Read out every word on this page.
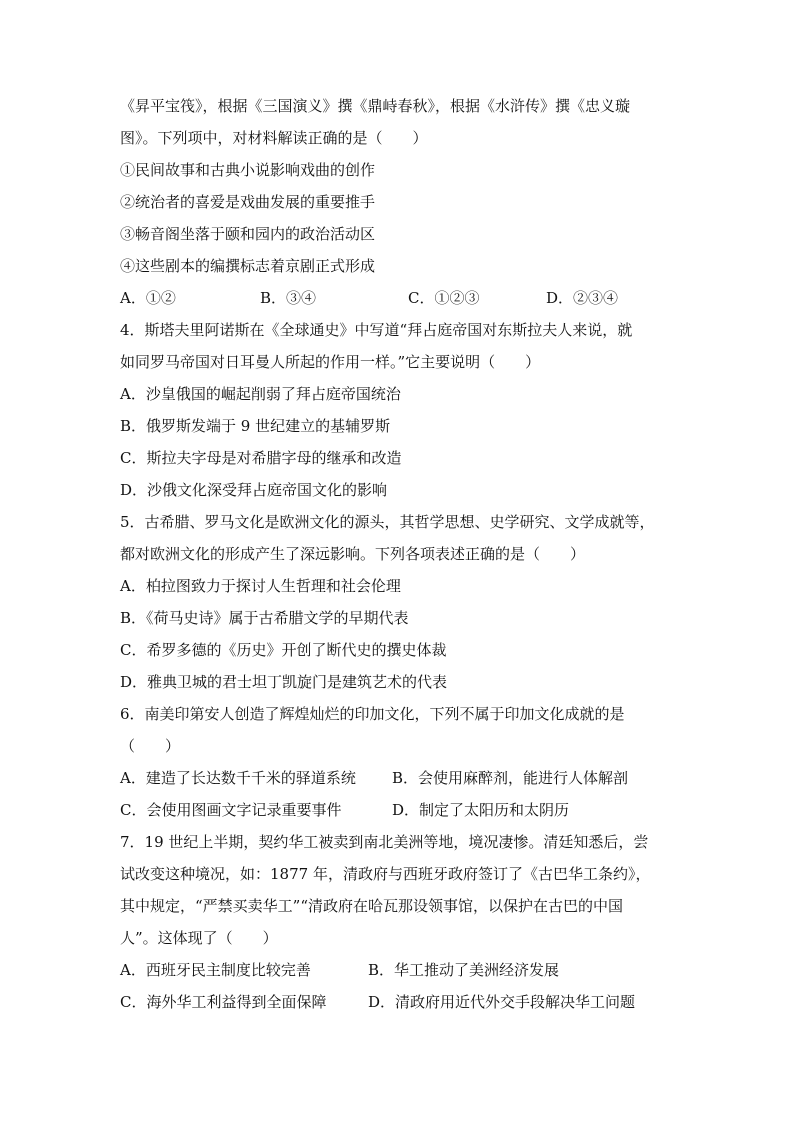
《昇平宝筏》，根据《三国演义》撰《鼎峙春秋》，根据《水浒传》撰《忠义璇
图》。下列项中，对材料解读正确的是（　　）
①民间故事和古典小说影响戏曲的创作
②统治者的喜爱是戏曲发展的重要推手
③畅音阁坐落于颐和园内的政治活动区
④这些剧本的编撰标志着京剧正式形成
A．①②	B．③④	C．①②③	D．②③④
4．斯塔夫里阿诺斯在《全球通史》中写道“拜占庭帝国对东斯拉夫人来说，就
如同罗马帝国对日耳曼人所起的作用一样。”它主要说明（　　）
A．沙皇俄国的崛起削弱了拜占庭帝国统治
B．俄罗斯发端于 9 世纪建立的基辅罗斯
C．斯拉夫字母是对希腊字母的继承和改造
D．沙俄文化深受拜占庭帝国文化的影响
5．古希腊、罗马文化是欧洲文化的源头，其哲学思想、史学研究、文学成就等，
都对欧洲文化的形成产生了深远影响。下列各项表述正确的是（　　）
A．柏拉图致力于探讨人生哲理和社会伦理
B．《荷马史诗》属于古希腊文学的早期代表
C．希罗多德的《历史》开创了断代史的撰史体裁
D．雅典卫城的君士坦丁凯旋门是建筑艺术的代表
6．南美印第安人创造了辉煌灿烂的印加文化，下列不属于印加文化成就的是
（　　）
A．建造了长达数千千米的驿道系统 B．会使用麻醉剂，能进行人体解剖
C．会使用图画文字记录重要事件	D．制定了太阳历和太阴历
7．19 世纪上半期，契约华工被卖到南北美洲等地，境况凄惨。清廷知悉后，尝
试改变这种境况，如：1877 年，清政府与西班牙政府签订了《古巴华工条约》，
其中规定，“严禁买卖华工”“清政府在哈瓦那设领事馆，以保护在古巴的中国
人”。这体现了（　　）
A．西班牙民主制度比较完善	B．华工推动了美洲经济发展
C．海外华工利益得到全面保障	D．清政府用近代外交手段解决华工问题
